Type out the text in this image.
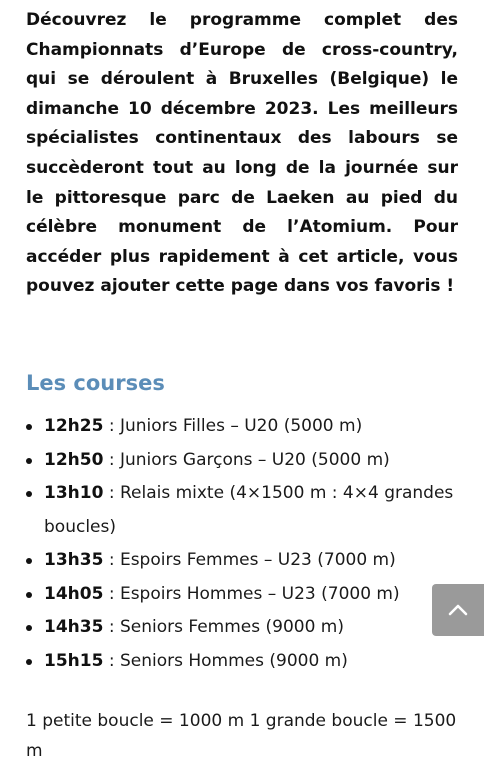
Découvrez le programme complet des Championnats d’Europe de cross-country, qui se déroulent à Bruxelles (Belgique) le dimanche 10 décembre 2023. Les meilleurs spécialistes continentaux des labours se succèderont tout au long de la journée sur le pittoresque parc de Laeken au pied du célèbre monument de l’Atomium. Pour accéder plus rapidement à cet article, vous pouvez ajouter cette page dans vos favoris !

Les courses
12h25 : Juniors Filles – U20 (5000 m)
12h50 : Juniors Garçons – U20 (5000 m)
13h10 : Relais mixte (4×1500 m : 4×4 grandes boucles)
13h35 : Espoirs Femmes – U23 (7000 m)
14h05 : Espoirs Hommes – U23 (7000 m)
14h35 : Seniors Femmes (9000 m)
15h15 : Seniors Hommes (9000 m)

1 petite boucle = 1000 m 1 grande boucle = 1500 m
